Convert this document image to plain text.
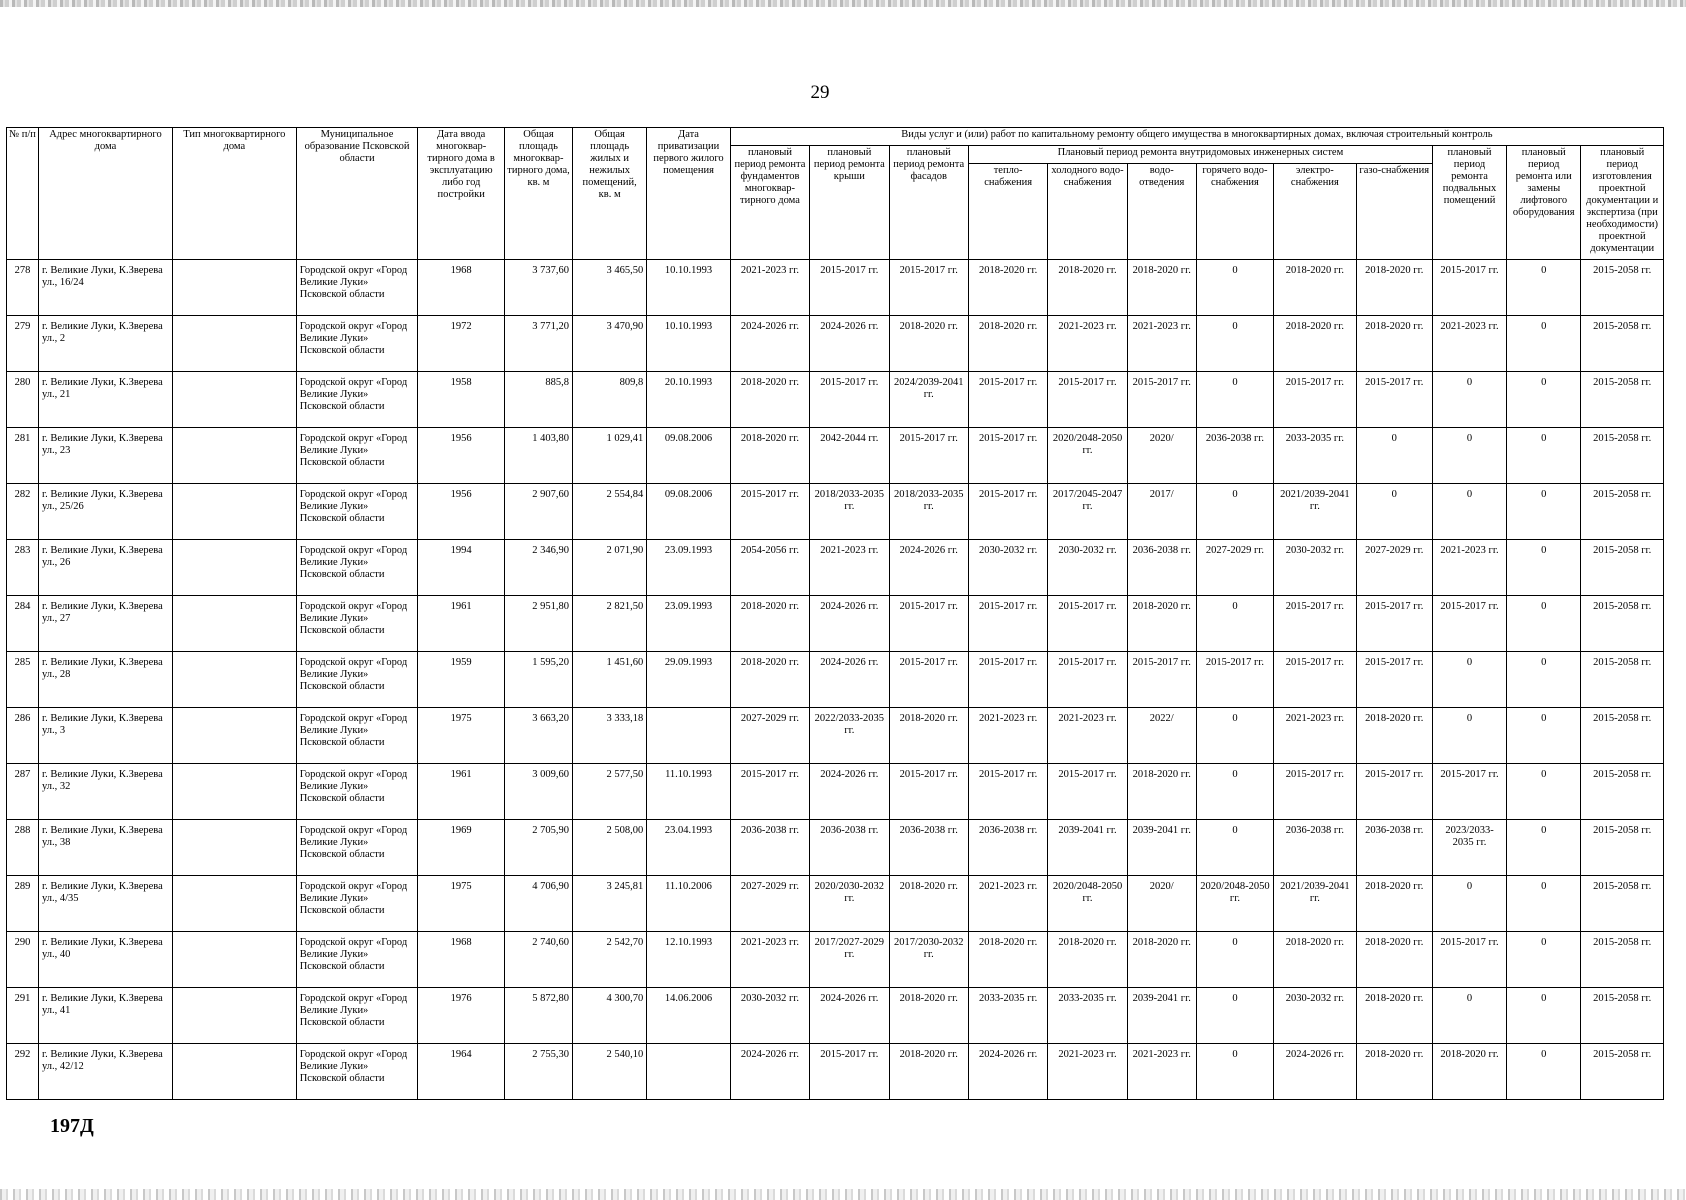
29
№ п/п	Адрес многоквартирного дома	Тип многоквартирного дома	Муниципальное образование Псковской области	Дата ввода многоквар-тирного дома в эксплуатацию либо год постройки	Общая площадь многоквар-тирного дома, кв. м	Общая площадь жилых и нежилых помещений, кв. м	Дата приватизации первого жилого помещения	Виды услуг и (или) работ по капитальному ремонту общего имущества в многоквартирных домах, включая строительный контроль											
								плановый период ремонта фундаментов многоквар-тирного дома	плановый период ремонта крыши	плановый период ремонта фасадов	Плановый период ремонта внутридомовых инженерных систем						плановый период ремонта подвальных помещений	плановый период ремонта или замены лифтового оборудования	плановый период изготовления проектной документации и экспертиза (при необходимости) проектной документации
											тепло-снабжения	холодного водо-снабжения	водо-отведения	горячего водо-снабжения	электро-снабжения	газо-снабжения			
278	г. Великие Луки, К.Зверева ул., 16/24		Городской округ «Город Великие Луки» Псковской области	1968	3 737,60	3 465,50	10.10.1993	2021-2023 гг.	2015-2017 гг.	2015-2017 гг.	2018-2020 гг.	2018-2020 гг.	2018-2020 гг.	0	2018-2020 гг.	2018-2020 гг.	2015-2017 гг.	0	2015-2058 гг.
279	г. Великие Луки, К.Зверева ул., 2		Городской округ «Город Великие Луки» Псковской области	1972	3 771,20	3 470,90	10.10.1993	2024-2026 гг.	2024-2026 гг.	2018-2020 гг.	2018-2020 гг.	2021-2023 гг.	2021-2023 гг.	0	2018-2020 гг.	2018-2020 гг.	2021-2023 гг.	0	2015-2058 гг.
280	г. Великие Луки, К.Зверева ул., 21		Городской округ «Город Великие Луки» Псковской области	1958	885,8	809,8	20.10.1993	2018-2020 гг.	2015-2017 гг.	2024/2039-2041 гг.	2015-2017 гг.	2015-2017 гг.	2015-2017 гг.	0	2015-2017 гг.	2015-2017 гг.	0	0	2015-2058 гг.
281	г. Великие Луки, К.Зверева ул., 23		Городской округ «Город Великие Луки» Псковской области	1956	1 403,80	1 029,41	09.08.2006	2018-2020 гг.	2042-2044 гг.	2015-2017 гг.	2015-2017 гг.	2020/2048-2050 гг.	2020/	2036-2038 гг.	2033-2035 гг.	0	0	0	2015-2058 гг.
282	г. Великие Луки, К.Зверева ул., 25/26		Городской округ «Город Великие Луки» Псковской области	1956	2 907,60	2 554,84	09.08.2006	2015-2017 гг.	2018/2033-2035 гг.	2018/2033-2035 гг.	2015-2017 гг.	2017/2045-2047 гг.	2017/	0	2021/2039-2041 гг.	0	0	0	2015-2058 гг.
283	г. Великие Луки, К.Зверева ул., 26		Городской округ «Город Великие Луки» Псковской области	1994	2 346,90	2 071,90	23.09.1993	2054-2056 гг.	2021-2023 гг.	2024-2026 гг.	2030-2032 гг.	2030-2032 гг.	2036-2038 гг.	2027-2029 гг.	2030-2032 гг.	2027-2029 гг.	2021-2023 гг.	0	2015-2058 гг.
284	г. Великие Луки, К.Зверева ул., 27		Городской округ «Город Великие Луки» Псковской области	1961	2 951,80	2 821,50	23.09.1993	2018-2020 гг.	2024-2026 гг.	2015-2017 гг.	2015-2017 гг.	2015-2017 гг.	2018-2020 гг.	0	2015-2017 гг.	2015-2017 гг.	2015-2017 гг.	0	2015-2058 гг.
285	г. Великие Луки, К.Зверева ул., 28		Городской округ «Город Великие Луки» Псковской области	1959	1 595,20	1 451,60	29.09.1993	2018-2020 гг.	2024-2026 гг.	2015-2017 гг.	2015-2017 гг.	2015-2017 гг.	2015-2017 гг.	2015-2017 гг.	2015-2017 гг.	2015-2017 гг.	0	0	2015-2058 гг.
286	г. Великие Луки, К.Зверева ул., 3		Городской округ «Город Великие Луки» Псковской области	1975	3 663,20	3 333,18		2027-2029 гг.	2022/2033-2035 гг.	2018-2020 гг.	2021-2023 гг.	2021-2023 гг.	2022/	0	2021-2023 гг.	2018-2020 гг.	0	0	2015-2058 гг.
287	г. Великие Луки, К.Зверева ул., 32		Городской округ «Город Великие Луки» Псковской области	1961	3 009,60	2 577,50	11.10.1993	2015-2017 гг.	2024-2026 гг.	2015-2017 гг.	2015-2017 гг.	2015-2017 гг.	2018-2020 гг.	0	2015-2017 гг.	2015-2017 гг.	2015-2017 гг.	0	2015-2058 гг.
288	г. Великие Луки, К.Зверева ул., 38		Городской округ «Город Великие Луки» Псковской области	1969	2 705,90	2 508,00	23.04.1993	2036-2038 гг.	2036-2038 гг.	2036-2038 гг.	2036-2038 гг.	2039-2041 гг.	2039-2041 гг.	0	2036-2038 гг.	2036-2038 гг.	2023/2033-2035 гг.	0	2015-2058 гг.
289	г. Великие Луки, К.Зверева ул., 4/35		Городской округ «Город Великие Луки» Псковской области	1975	4 706,90	3 245,81	11.10.2006	2027-2029 гг.	2020/2030-2032 гг.	2018-2020 гг.	2021-2023 гг.	2020/2048-2050 гг.	2020/	2020/2048-2050 гг.	2021/2039-2041 гг.	2018-2020 гг.	0	0	2015-2058 гг.
290	г. Великие Луки, К.Зверева ул., 40		Городской округ «Город Великие Луки» Псковской области	1968	2 740,60	2 542,70	12.10.1993	2021-2023 гг.	2017/2027-2029 гг.	2017/2030-2032 гг.	2018-2020 гг.	2018-2020 гг.	2018-2020 гг.	0	2018-2020 гг.	2018-2020 гг.	2015-2017 гг.	0	2015-2058 гг.
291	г. Великие Луки, К.Зверева ул., 41		Городской округ «Город Великие Луки» Псковской области	1976	5 872,80	4 300,70	14.06.2006	2030-2032 гг.	2024-2026 гг.	2018-2020 гг.	2033-2035 гг.	2033-2035 гг.	2039-2041 гг.	0	2030-2032 гг.	2018-2020 гг.	0	0	2015-2058 гг.
292	г. Великие Луки, К.Зверева ул., 42/12		Городской округ «Город Великие Луки» Псковской области	1964	2 755,30	2 540,10		2024-2026 гг.	2015-2017 гг.	2018-2020 гг.	2024-2026 гг.	2021-2023 гг.	2021-2023 гг.	0	2024-2026 гг.	2018-2020 гг.	2018-2020 гг.	0	2015-2058 гг.
197Д
